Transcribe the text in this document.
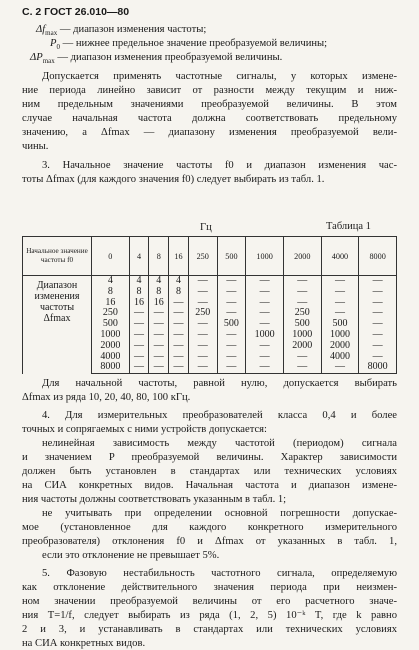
С. 2 ГОСТ 26.010—80
$\Delta f_{max}$ — диапазон изменения частоты;
$P_0$ — нижнее предельное значение преобразуемой величины;
$\Delta P_{max}$ — диапазон изменения преобразуемой величины.
Допускается применять частотные сигналы, у которых измене-
ние периода линейно зависит от разности между текущим и ниж-
ним предельным значениями преобразуемой величины. В этом
случае начальная частота должна соответствовать предельному
значению, а Δfmax — диапазону изменения преобразуемой вели-
чины.
3. Начальное значение частоты f0 и диапазон изменения час-
тоты Δfmax (для каждого значения f0) следует выбирать из табл. 1.
Таблица 1
Гц
Начальное значение частоты f0	0	4	8	16	250	500	1000	2000	4000	8000

Диапазон
изменения
частоты
Δfmax	4	4	4	4	—	—	—	—	—	—
	8	8	8	8	—	—	—	—	—	—
	16	16	16	—	—	—	—	—	—	—
	250	—	—	—	250	—	—	250	—	—
	500	—	—	—	—	500	—	500	500	—
	1000	—	—	—	—	—	1000	1000	1000	—
	2000	—	—	—	—	—	—	2000	2000	—
	4000	—	—	—	—	—	—	—	4000	—
	8000	—	—	—	—	—	—	—	—	8000
Для начальной частоты, равной нулю, допускается выбирать
Δfmax из ряда 10, 20, 40, 80, 100 кГц.
4. Для измерительных преобразователей класса 0,4 и более
точных и сопрягаемых с ними устройств допускается:
нелинейная зависимость между частотой (периодом) сигнала
и значением P преобразуемой величины. Характер зависимости
должен быть установлен в стандартах или технических условиях
на СИА конкретных видов. Начальная частота и диапазон измене-
ния частоты должны соответствовать указанным в табл. 1;
не учитывать при определении основной погрешности допускае-
мое (установленное для каждого конкретного измерительного
преобразователя) отклонения f0 и Δfmax от указанных в табл. 1,
если это отклонение не превышает 5%.
5. Фазовую нестабильность частотного сигнала, определяемую
как отклонение действительного значения периода при неизмен-
ном значении преобразуемой величины от его расчетного значе-
ния T=1/f, следует выбирать из ряда (1, 2, 5) 10⁻ᵏ T, где k равно
2 и 3, и устанавливать в стандартах или технических условиях
на СИА конкретных видов.
